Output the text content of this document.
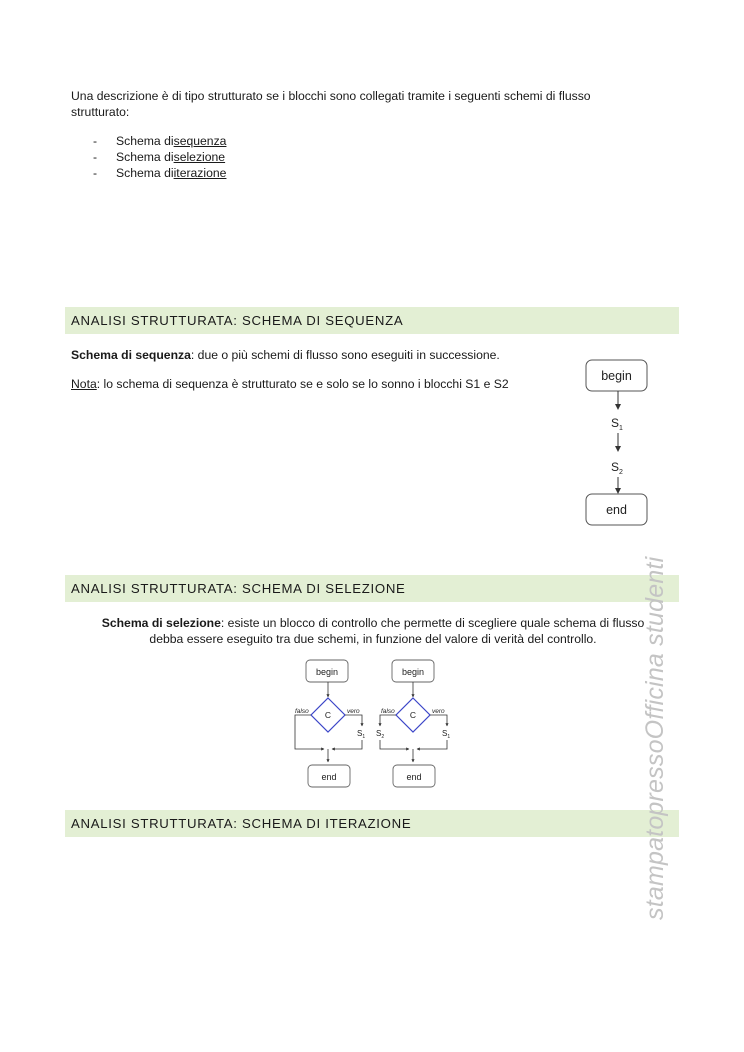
Una descrizione è di tipo strutturato se i blocchi sono collegati tramite i seguenti schemi di flusso strutturato:
-	Schema di sequenza
-	Schema di selezione
-	Schema di iterazione
ANALISI STRUTTURATA: SCHEMA DI SEQUENZA
Schema di sequenza: due o più schemi di flusso sono eseguiti in successione.
Nota: lo schema di sequenza è strutturato se e solo se lo sonno i blocchi S1 e S2
begin
$S_1$
$S_2$
end
ANALISI STRUTTURATA: SCHEMA DI SELEZIONE
Schema di selezione: esiste un blocco di controllo che permette di scegliere quale schema di flusso debba essere eseguito tra due schemi, in funzione del valore di verità del controllo.
begin
C
falso	vero
$S_1$
end
begin
C
falso	vero
$S_2$	$S_1$
end
ANALISI STRUTTURATA: SCHEMA DI ITERAZIONE	stampatopressoOfficina studenti
